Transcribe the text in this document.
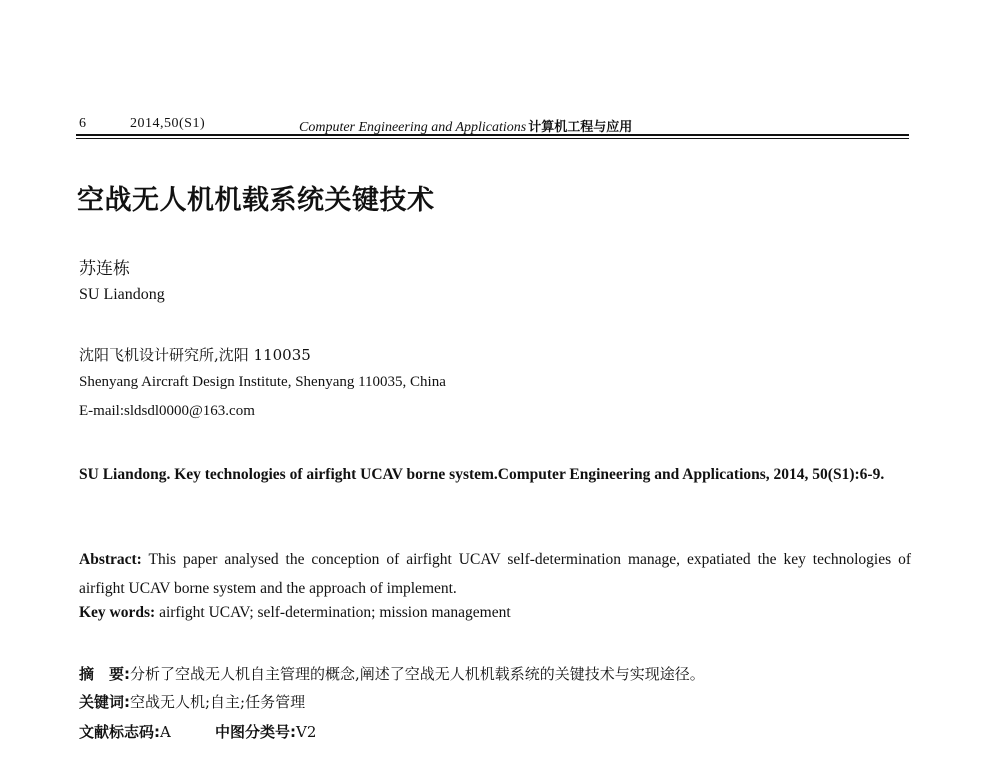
6	2014,50(S1)	Computer Engineering and Applications 计算机工程与应用
空战无人机机载系统关键技术
苏连栋
SU Liandong
沈阳飞机设计研究所,沈阳 110035
Shenyang Aircraft Design Institute, Shenyang 110035, China
E-mail:sldsdl0000@163.com
SU Liandong. Key technologies of airfight UCAV borne system.Computer Engineering and Applications, 2014, 50(S1):6-9.
Abstract: This paper analysed the conception of airfight UCAV self-determination manage, expatiated the key technologies of airfight UCAV borne system and the approach of implement.
Key words: airfight UCAV; self-determination; mission management
摘　要:分析了空战无人机自主管理的概念,阐述了空战无人机机载系统的关键技术与实现途径。
关键词:空战无人机;自主;任务管理
文献标志码:A	中图分类号:V2
